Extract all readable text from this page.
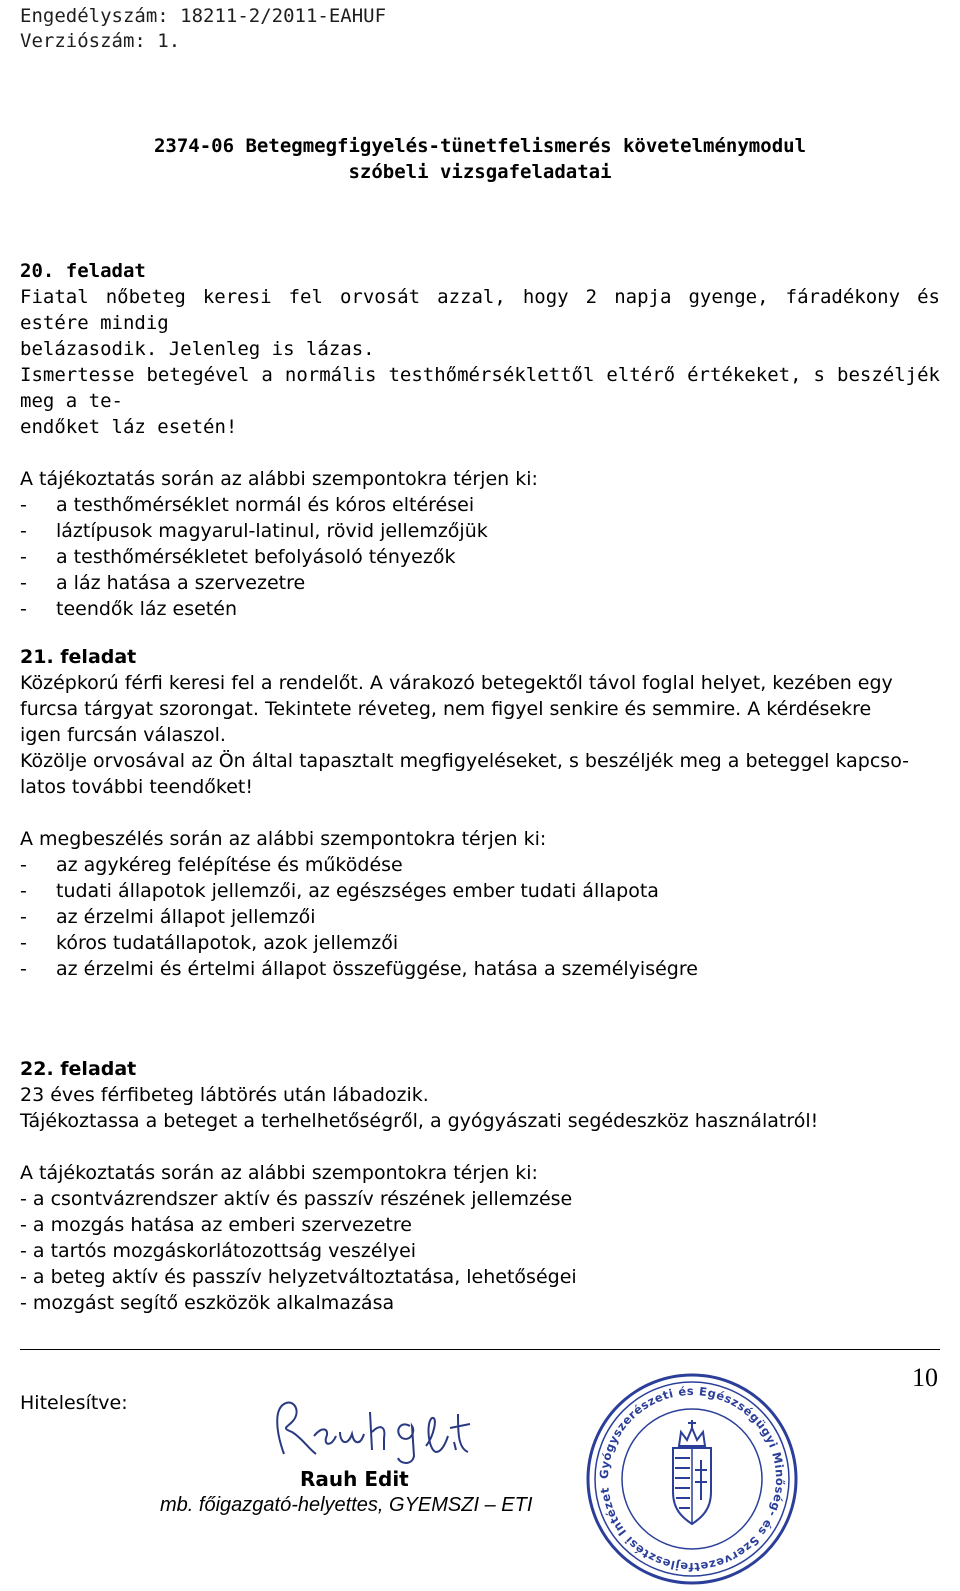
Engedélyszám: 18211-2/2011-EAHUF
Verziószám: 1.
2374-06 Betegmegfigyelés-tünetfelismerés követelménymodul
szóbeli vizsgafeladatai

20. feladat

Fiatal nőbeteg keresi fel orvosát azzal, hogy 2 napja gyenge, fáradékony és estére mindig

belázasodik. Jelenleg is lázas.

Ismertesse betegével a normális testhőmérséklettől eltérő értékeket, s beszéljék meg a te-

endőket láz esetén!

A tájékoztatás során az alábbi szempontokra térjen ki:

-	a testhőmérséklet normál és kóros eltérései
-	láztípusok magyarul-latinul, rövid jellemzőjük
-	a testhőmérsékletet befolyásoló tényezők
-	a láz hatása a szervezetre
-	teendők láz esetén

21. feladat

Középkorú férfi keresi fel a rendelőt. A várakozó betegektől távol foglal helyet, kezében egy

furcsa tárgyat szorongat. Tekintete réveteg, nem figyel senkire és semmire. A kérdésekre

igen furcsán válaszol.

Közölje orvosával az Ön által tapasztalt megfigyeléseket, s beszéljék meg a beteggel kapcso-

latos további teendőket!

A megbeszélés során az alábbi szempontokra térjen ki:

-	az agykéreg felépítése és működése
-	tudati állapotok jellemzői, az egészséges ember tudati állapota
-	az érzelmi állapot jellemzői
-	kóros tudatállapotok, azok jellemzői
-	az érzelmi és értelmi állapot összefüggése, hatása a személyiségre

22. feladat

23 éves férfibeteg lábtörés után lábadozik.

Tájékoztassa a beteget a terhelhetőségről, a gyógyászati segédeszköz használatról!

A tájékoztatás során az alábbi szempontokra térjen ki:

- a csontvázrendszer aktív és passzív részének jellemzése
- a mozgás hatása az emberi szervezetre
- a tartós mozgáskorlátozottság veszélyei
- a beteg aktív és passzív helyzetváltoztatása, lehetőségei
- mozgást segítő eszközök alkalmazása
10
Hitelesítve:
Rauh Edit
mb. főigazgató-helyettes, GYEMSZI – ETI
Gyógyszerészeti és Egészségügyi Minőség- és Szervezetfejlesztési Intézet
